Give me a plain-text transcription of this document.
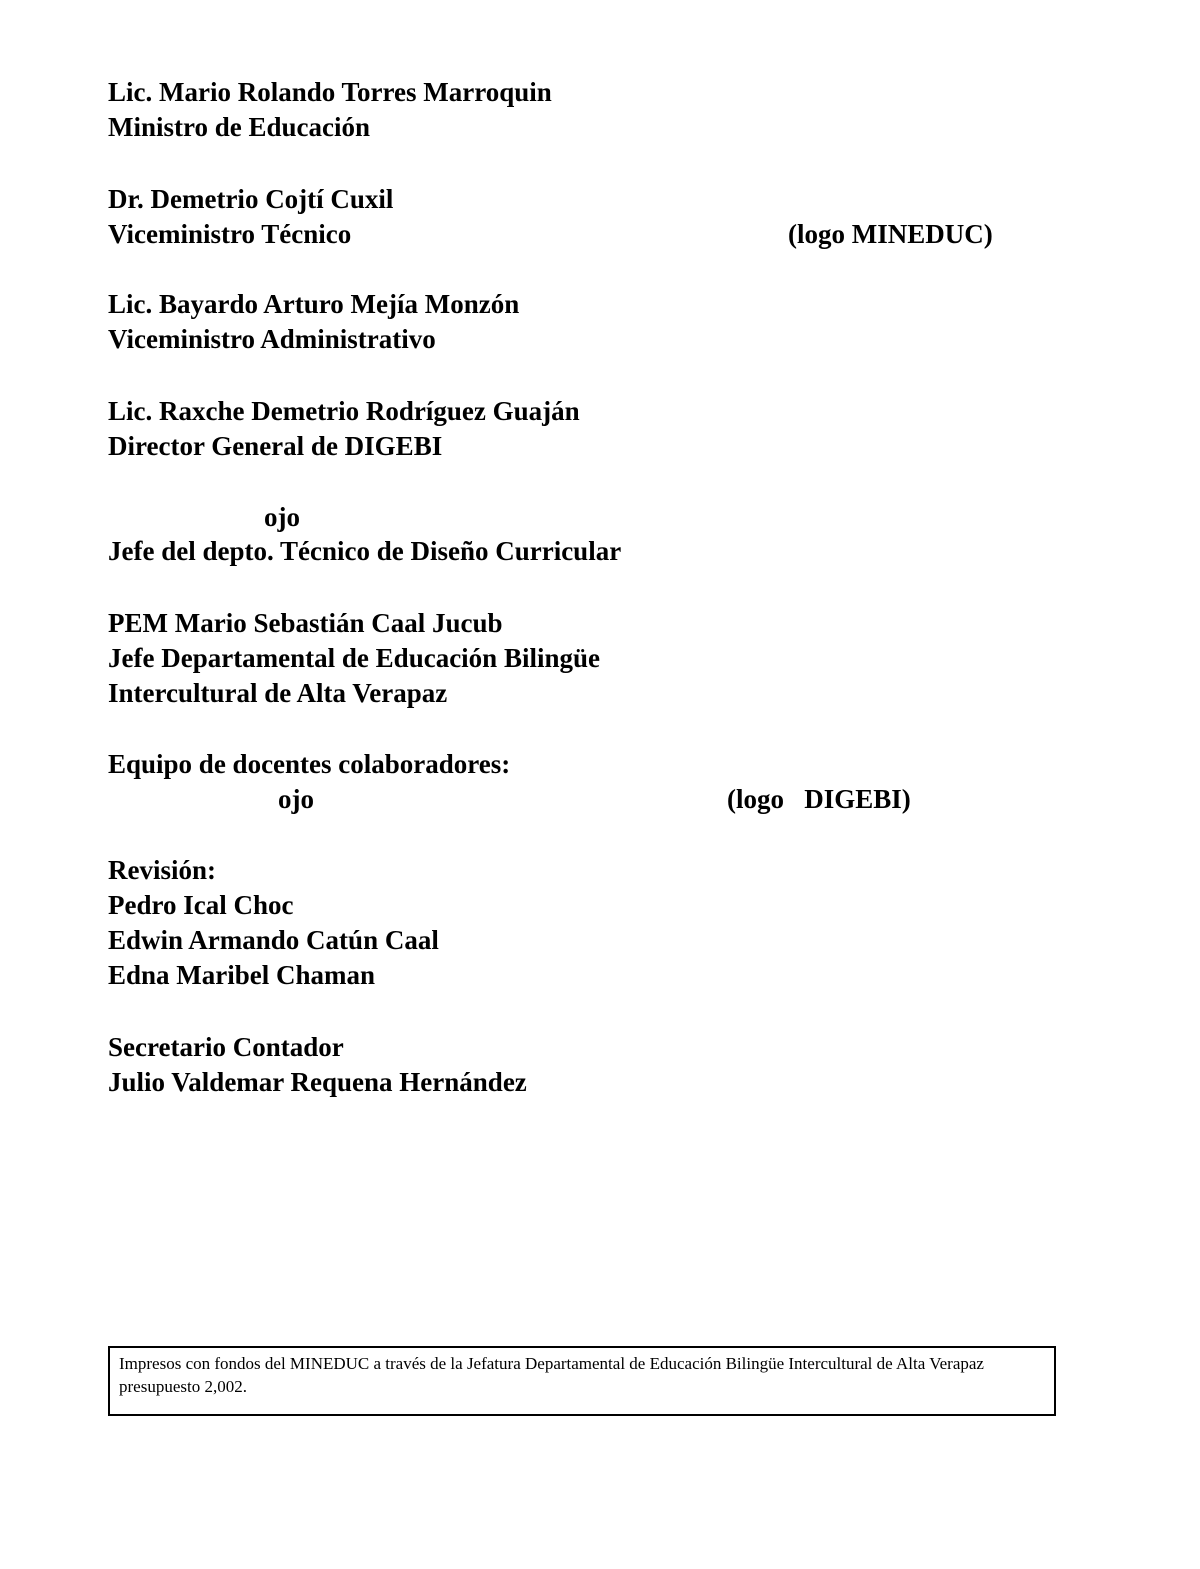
Lic. Mario Rolando Torres Marroquin
Ministro de Educación
Dr. Demetrio Cojtí Cuxil
Viceministro Técnico	(logo MINEDUC)
Lic. Bayardo Arturo Mejía Monzón
Viceministro Administrativo
Lic. Raxche Demetrio Rodríguez Guaján
Director General de DIGEBI
ojo
Jefe del depto. Técnico de Diseño Curricular
PEM Mario Sebastián Caal Jucub
Jefe Departamental de Educación Bilingüe
Intercultural de Alta Verapaz
Equipo de docentes colaboradores:
ojo	(logo   DIGEBI)
Revisión:
Pedro Ical Choc
Edwin Armando Catún Caal
Edna Maribel Chaman
Secretario Contador
Julio Valdemar Requena Hernández
Impresos con fondos del MINEDUC a través de la Jefatura Departamental de Educación Bilingüe Intercultural de Alta Verapaz presupuesto 2,002.
